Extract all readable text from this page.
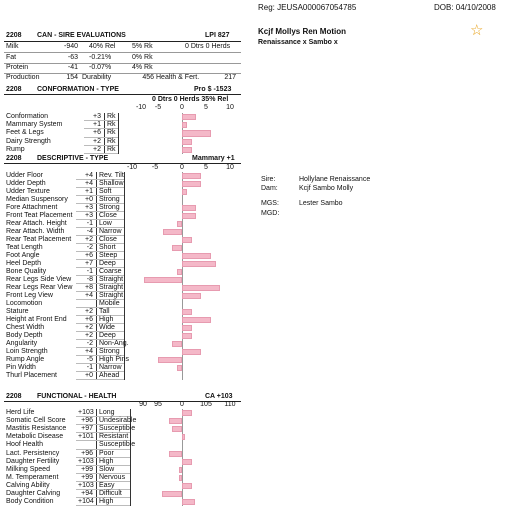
Reg: JEUSA000067054785	DOB: 04/10/2008
Kcjf Mollys Ren Motion
Renaissance x Sambo x
☆
Sire:	Hollylane Renaissance
Dam:	Kcjf Sambo Molly
MGS:	Lester Sambo
MGD:
2208 CAN - SIRE EVALUATIONS	LPI 827
Milk	-940 40% Rel 5% Rk	0 Dtrs 0 Herds
Fat	-63 -0.21%	0% Rk
Protein	-41 -0.07%	4% Rk
Production	154 Durability	456 Health & Fert.	217
2208 CONFORMATION - TYPE	Pro $ -1523
0 Dtrs 0 Herds 35% Rel
-10	-5	0	5	10
Conformation	+3 Rk
Mammary System	+1 Rk
Feet & Legs	+6 Rk
Dairy Strength	+2 Rk
Rump	+2 Rk
2208 DESCRIPTIVE - TYPE	Mammary +1
-10	-5	0	5	10
Udder Floor	+4 Rev. Tilt
Udder Depth	+4 Shallow
Udder Texture	+1 Soft
Median Suspensory	+0 Strong
Fore Attachment	+3 Strong
Front Teat Placement	+3 Close
Rear Attach. Height	-1 Low
Rear Attach. Width	-4 Narrow
Rear Teat Placement	+2 Close
Teat Length	-2 Short
Foot Angle	+6 Steep
Heel Depth	+7 Deep
Bone Quality	-1 Coarse
Rear Legs Side View	-8 Straight
Rear Legs Rear View	+8 Straight
Front Leg View	+4 Straight
Locomotion	Mobile
Stature	+2 Tall
Height at Front End	+6 High
Chest Width	+2 Wide
Body Depth	+2 Deep
Angularity	-2 Non-Ang.
Loin Strength	+4 Strong
Rump Angle	-5 High Pins
Pin Width	-1 Narrow
Thurl Placement	+0 Ahead
2208 FUNCTIONAL - HEALTH	CA +103
90	95	0	105	110
Herd Life	+103 Long
Somatic Cell Score	+96 Undesirable
Mastitis Resistance	+97 Susceptible
Metabolic Disease +101 Resistant
Hoof Health	Susceptible
Lact. Persistency	+96 Poor
Daughter Fertility	+103 High
Milking Speed	+99 Slow
M. Temperament	+99 Nervous
Calving Ability	+103 Easy
Daughter Calving	+94 Difficult
Body Condition	+104 High
